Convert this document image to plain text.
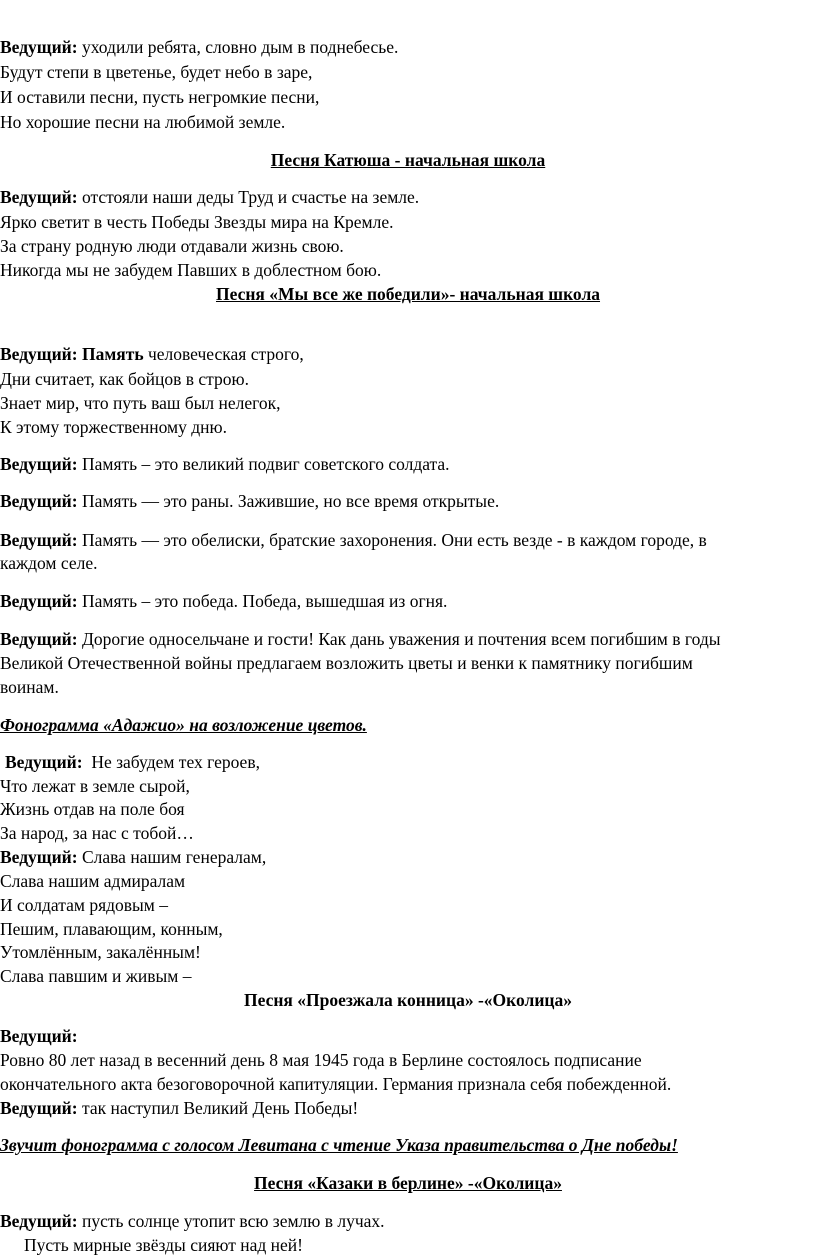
Ведущий: уходили ребята, словно дым в поднебесье.
Будут степи в цветенье, будет небо в заре,
И оставили песни, пусть негромкие песни,
Но хорошие песни на любимой земле.
Песня Катюша - начальная школа
Ведущий: отстояли наши деды Труд и счастье на земле.
Ярко светит в честь Победы Звезды мира на Кремле.
За страну родную люди отдавали жизнь свою.
Никогда мы не забудем Павших в доблестном бою.
Песня «Мы все же победили»- начальная школа
Ведущий: Память человеческая строго,
Дни считает, как бойцов в строю.
Знает мир, что путь ваш был нелегок,
К этому торжественному дню.
Ведущий: Память – это великий подвиг советского солдата.
Ведущий: Память — это раны. Зажившие, но все время открытые.
Ведущий: Память — это обелиски, братские захоронения. Они есть везде - в каждом городе, в
каждом селе.
Ведущий: Память – это победа. Победа, вышедшая из огня.
Ведущий: Дорогие односельчане и гости! Как дань уважения и почтения всем погибшим в годы
Великой Отечественной войны предлагаем возложить цветы и венки к памятнику погибшим
воинам.
Фонограмма «Адажио» на возложение цветов.
Ведущий: Не забудем тех героев,
Что лежат в земле сырой,
Жизнь отдав на поле боя
За народ, за нас с тобой…
Ведущий: Слава нашим генералам,
Слава нашим адмиралам
И солдатам рядовым –
Пешим, плавающим, конным,
Утомлённым, закалённым!
Слава павшим и живым –
Песня «Проезжала конница» -«Околица»
Ведущий:
Ровно 80 лет назад в весенний день 8 мая 1945 года в Берлине состоялось подписание
окончательного акта безоговорочной капитуляции. Германия признала себя побежденной.
Ведущий: так наступил Великий День Победы!
Звучит фонограмма с голосом Левитана с чтение Указа правительства о Дне победы!
Песня «Казаки в берлине» -«Околица»
Ведущий: пусть солнце утопит всю землю в лучах.
Пусть мирные звёзды сияют над ней!
